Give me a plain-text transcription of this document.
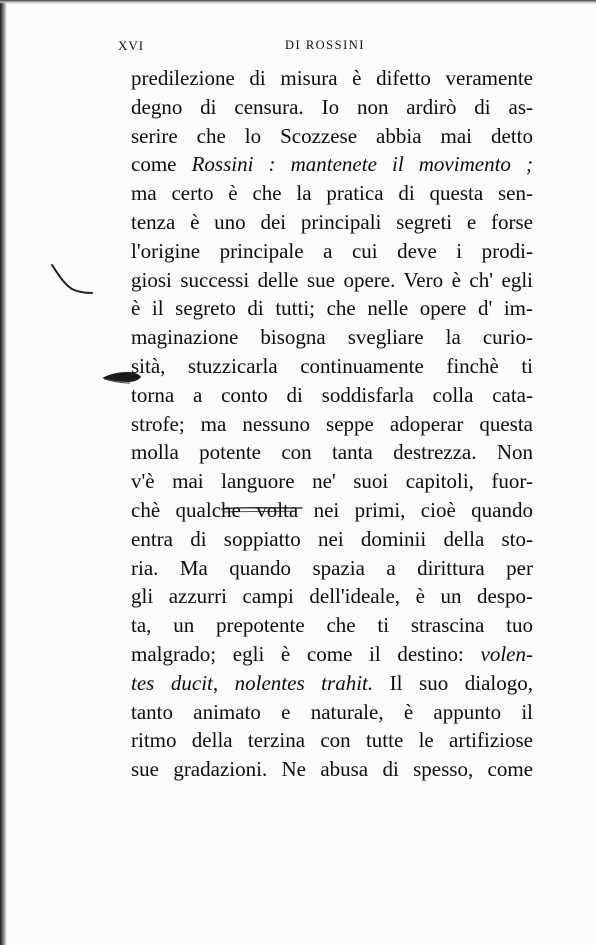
XVI	DI ROSSINI
predilezione di misura è difetto veramente
degno di censura. Io non ardirò di as-
serire che lo Scozzese abbia mai detto
come Rossini : mantenete il movimento ;
ma certo è che la pratica di questa sen-
tenza è uno dei principali segreti e forse
l'origine principale a cui deve i prodi-
giosi successi delle sue opere. Vero è ch' egli
è il segreto di tutti; che nelle opere d' im-
maginazione bisogna svegliare la curio-
sità, stuzzicarla continuamente finchè ti
torna a conto di soddisfarla colla cata-
strofe; ma nessuno seppe adoperar questa
molla potente con tanta destrezza. Non
v'è mai languore ne' suoi capitoli, fuor-
chè qualche volta nei primi, cioè quando
entra di soppiatto nei dominii della sto-
ria. Ma quando spazia a dirittura per
gli azzurri campi dell'ideale, è un despo-
ta, un prepotente che ti strascina tuo
malgrado; egli è come il destino: volen-
tes ducit, nolentes trahit. Il suo dialogo,
tanto animato e naturale, è appunto il
ritmo della terzina con tutte le artifiziose
sue gradazioni. Ne abusa di spesso, come
